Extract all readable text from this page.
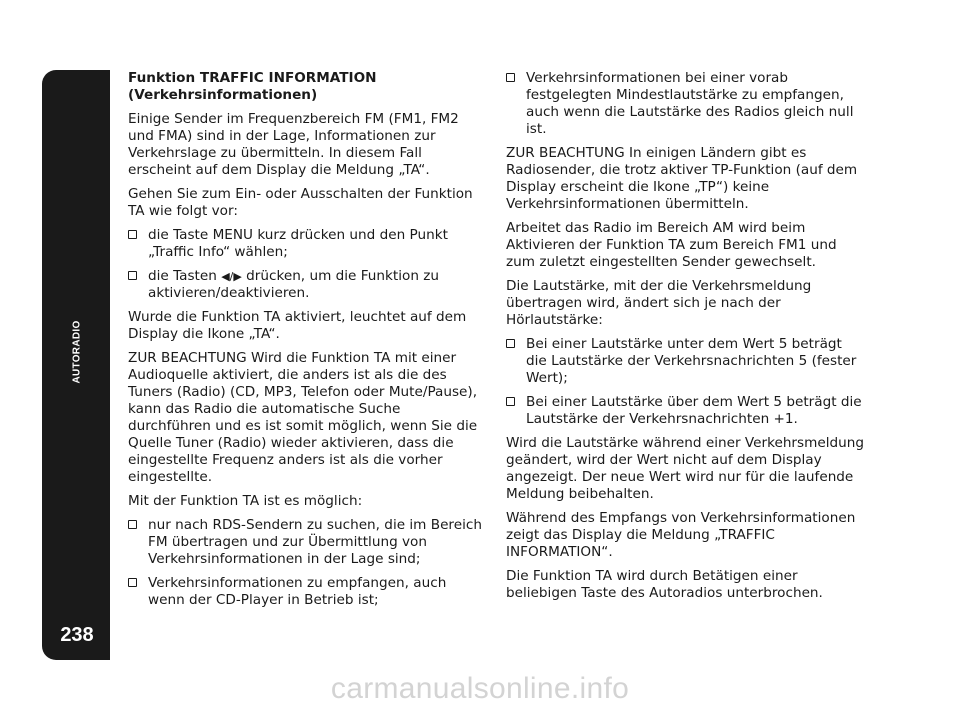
AUTORADIO
238
Funktion TRAFFIC INFORMATION
(Verkehrsinformationen)

Einige Sender im Frequenzbereich FM (FM1, FM2 und FMA) sind in der Lage, Informationen zur Verkehrslage zu übermitteln. In diesem Fall erscheint auf dem Display die Meldung „TA“.

Gehen Sie zum Ein- oder Ausschalten der Funktion TA wie folgt vor:

die Taste MENU kurz drücken und den Punkt „Traffic Info“ wählen;
die Tasten ◀/▶ drücken, um die Funktion zu aktivieren/deaktivieren.

Wurde die Funktion TA aktiviert, leuchtet auf dem Display die Ikone „TA“.

ZUR BEACHTUNG Wird die Funktion TA mit einer Audioquelle aktiviert, die anders ist als die des Tuners (Radio) (CD, MP3, Telefon oder Mute/Pause), kann das Radio die automatische Suche durchführen und es ist somit möglich, wenn Sie die Quelle Tuner (Radio) wieder aktivieren, dass die eingestellte Frequenz anders ist als die vorher eingestellte.

Mit der Funktion TA ist es möglich:

nur nach RDS-Sendern zu suchen, die im Bereich FM übertragen und zur Übermittlung von Verkehrsinformationen in der Lage sind;
Verkehrsinformationen zu empfangen, auch wenn der CD-Player in Betrieb ist;
Verkehrsinformationen bei einer vorab festgelegten Mindestlautstärke zu empfangen, auch wenn die Lautstärke des Radios gleich null ist.

ZUR BEACHTUNG In einigen Ländern gibt es Radiosender, die trotz aktiver TP-Funktion (auf dem Display erscheint die Ikone „TP“) keine Verkehrsinformationen übermitteln.

Arbeitet das Radio im Bereich AM wird beim Aktivieren der Funktion TA zum Bereich FM1 und zum zuletzt eingestellten Sender gewechselt.

Die Lautstärke, mit der die Verkehrsmeldung übertragen wird, ändert sich je nach der Hörlautstärke:

Bei einer Lautstärke unter dem Wert 5 beträgt die Lautstärke der Verkehrsnachrichten 5 (fester Wert);
Bei einer Lautstärke über dem Wert 5 beträgt die Lautstärke der Verkehrsnachrichten +1.

Wird die Lautstärke während einer Verkehrsmeldung geändert, wird der Wert nicht auf dem Display angezeigt. Der neue Wert wird nur für die laufende Meldung beibehalten.

Während des Empfangs von Verkehrsinformationen zeigt das Display die Meldung „TRAFFIC INFORMATION“.

Die Funktion TA wird durch Betätigen einer beliebigen Taste des Autoradios unterbrochen.

carmanualsonline.info
